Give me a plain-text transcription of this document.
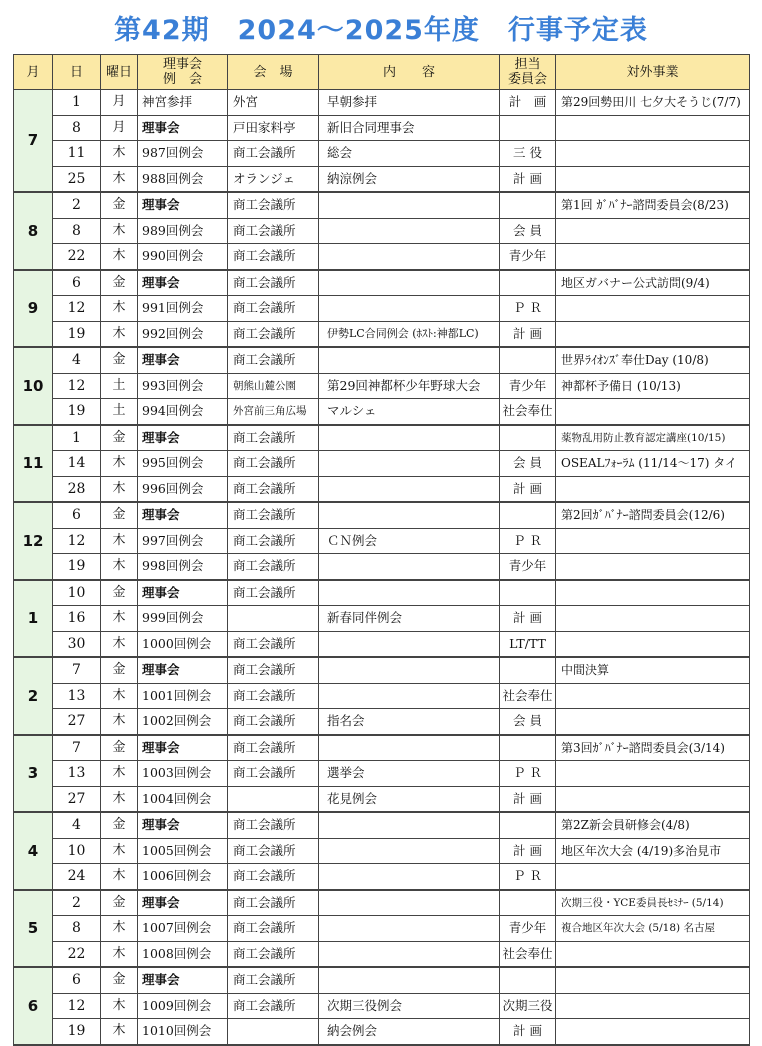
第42期　2024～2025年度　行事予定表
月	日	曜日	理事会
例　会	会　場	内　　容	担当
委員会	対外事業
7	1	月	神宮参拝	外宮	早朝参拝	計　画	第29回勢田川 七夕大そうじ(7/7)
	8	月	理事会	戸田家料亭	新旧合同理事会		
	11	木	987回例会	商工会議所	総会	三 役	
	25	木	988回例会	オランジェ	納涼例会	計 画	
8	2	金	理事会	商工会議所			第1回 ｶﾞﾊﾞﾅｰ諮問委員会(8/23)
	8	木	989回例会	商工会議所		会 員	
	22	木	990回例会	商工会議所		青少年	
9	6	金	理事会	商工会議所			地区ガバナー公式訪問(9/4)
	12	木	991回例会	商工会議所		Ｐ Ｒ	
	19	木	992回例会	商工会議所	伊勢LC合同例会 (ﾎｽﾄ:神都LC)	計 画	
10	4	金	理事会	商工会議所			世界ﾗｲｵﾝｽﾞ奉仕Day (10/8)
	12	土	993回例会	朝熊山麓公園	第29回神都杯少年野球大会	青少年	神都杯予備日 (10/13)
	19	土	994回例会	外宮前三角広場	マルシェ	社会奉仕	
11	1	金	理事会	商工会議所			薬物乱用防止教育認定講座(10/15)
	14	木	995回例会	商工会議所		会 員	OSEALﾌｫｰﾗﾑ (11/14～17) タイ
	28	木	996回例会	商工会議所		計 画	
12	6	金	理事会	商工会議所			第2回ｶﾞﾊﾞﾅｰ諮問委員会(12/6)
	12	木	997回例会	商工会議所	ＣＮ例会	Ｐ Ｒ	
	19	木	998回例会	商工会議所		青少年	
1	10	金	理事会	商工会議所			
	16	木	999回例会		新春同伴例会	計 画	
	30	木	1000回例会	商工会議所		LT/TT	
2	7	金	理事会	商工会議所			中間決算
	13	木	1001回例会	商工会議所		社会奉仕	
	27	木	1002回例会	商工会議所	指名会	会 員	
3	7	金	理事会	商工会議所			第3回ｶﾞﾊﾞﾅｰ諮問委員会(3/14)
	13	木	1003回例会	商工会議所	選挙会	Ｐ Ｒ	
	27	木	1004回例会		花見例会	計 画	
4	4	金	理事会	商工会議所			第2Z新会員研修会(4/8)
	10	木	1005回例会	商工会議所		計 画	地区年次大会 (4/19)多治見市
	24	木	1006回例会	商工会議所		Ｐ Ｒ	
5	2	金	理事会	商工会議所			次期三役・YCE委員長ｾﾐﾅｰ (5/14)
	8	木	1007回例会	商工会議所		青少年	複合地区年次大会 (5/18) 名古屋
	22	木	1008回例会	商工会議所		社会奉仕	
6	6	金	理事会	商工会議所			
	12	木	1009回例会	商工会議所	次期三役例会	次期三役	
	19	木	1010回例会		納会例会	計 画	
